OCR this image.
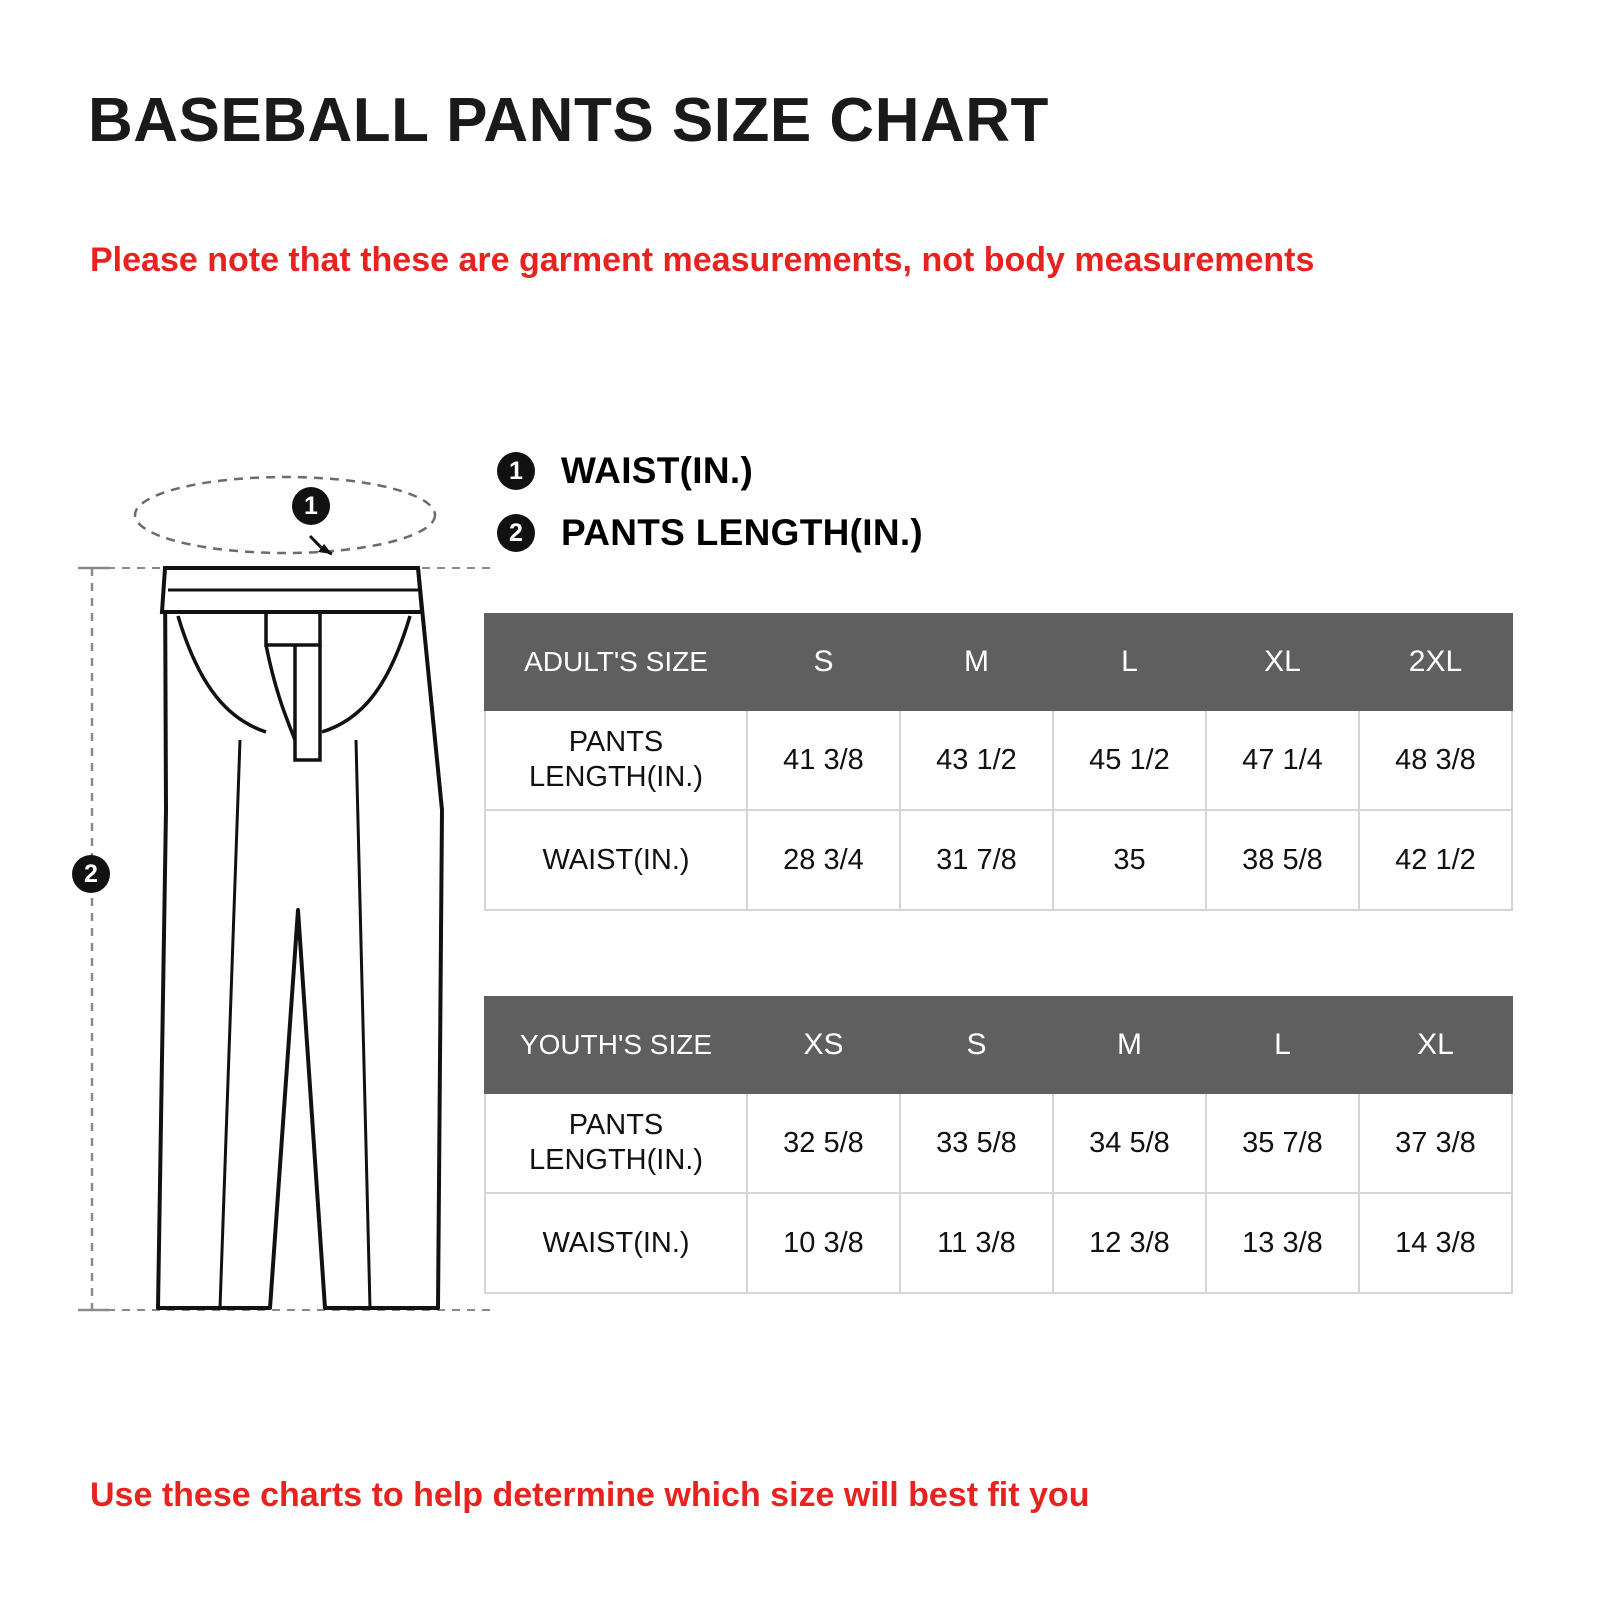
BASEBALL PANTS SIZE CHART
Please note that these are garment measurements, not body measurements
1	WAIST(IN.)
2	PANTS LENGTH(IN.)
1
2
ADULT'S SIZE	S	M	L	XL	2XL
PANTS LENGTH(IN.)	41 3/8	43 1/2	45 1/2	47 1/4	48 3/8
WAIST(IN.)	28 3/4	31 7/8	35	38 5/8	42 1/2
YOUTH'S SIZE	XS	S	M	L	XL
PANTS LENGTH(IN.)	32 5/8	33 5/8	34 5/8	35 7/8	37 3/8
WAIST(IN.)	10 3/8	11 3/8	12 3/8	13 3/8	14 3/8
Use these charts to help determine which size will best fit you
